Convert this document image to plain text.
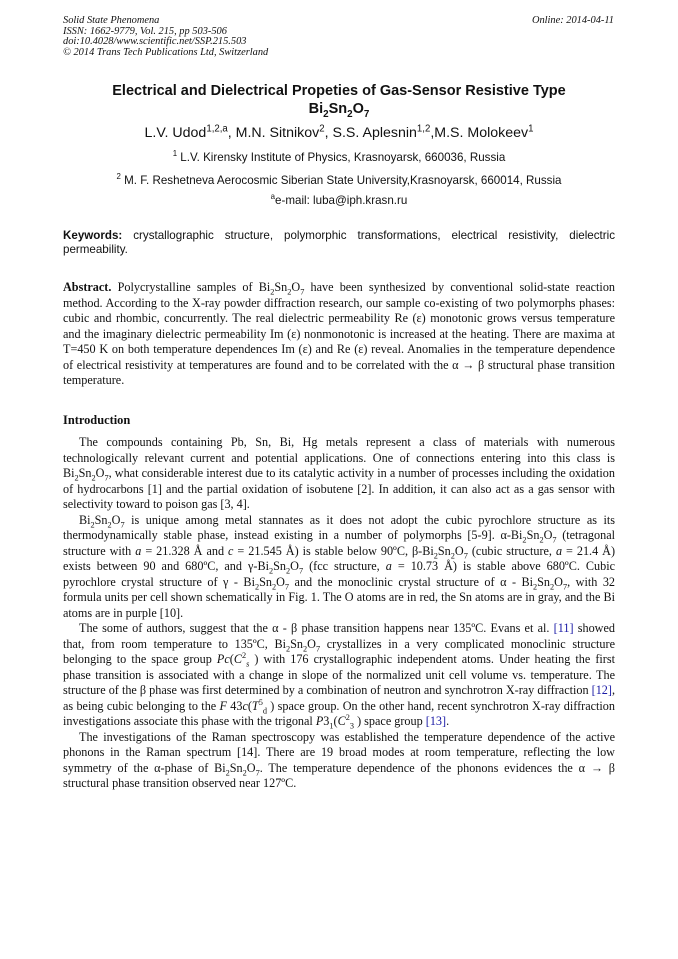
Solid State Phenomena
ISSN: 1662-9779, Vol. 215, pp 503-506
doi:10.4028/www.scientific.net/SSP.215.503
© 2014 Trans Tech Publications Ltd, Switzerland
Online: 2014-04-11
Electrical and Dielectrical Propeties of Gas-Sensor Resistive Type
$Bi_2Sn_2O_7$
L.V. Udod$^{1,2,a}$, M.N. Sitnikov$^2$, S.S. Aplesnin$^{1,2}$,M.S. Molokeev$^1$
$^1$ L.V. Kirensky Institute of Physics, Krasnoyarsk, 660036, Russia
$^2$ M. F. Reshetneva Aerocosmic Siberian State University,Krasnoyarsk, 660014, Russia
$^a$e-mail: luba@iph.krasn.ru
Keywords: crystallographic structure, polymorphic transformations, electrical resistivity, dielectric permeability.
Abstract. Polycrystalline samples of $Bi_2Sn_2O_7$ have been synthesized by conventional solid-state reaction method. According to the X-ray powder diffraction research, our sample co-existing of two polymorphs phases: cubic and rhombic, concurrently. The real dielectric permeability Re (ε) monotonic grows versus temperature and the imaginary dielectric permeability Im (ε) nonmonotonic is increased at the heating. There are maxima at T=450 K on both temperature dependences Im (ε) and Re (ε) reveal. Anomalies in the temperature dependence of electrical resistivity at temperatures are found and to be correlated with the α → β structural phase transition temperature.
Introduction

The compounds containing Pb, Sn, Bi, Hg metals represent a class of materials with numerous technologically relevant current and potential applications. One of connections entering into this class is $Bi_2Sn_2O_7$, what considerable interest due to its catalytic activity in a number of processes including the oxidation of hydrocarbons [1] and the partial oxidation of isobutene [2]. In addition, it can also act as a gas sensor with selectivity toward to poison gas [3, 4].

$Bi_2Sn_2O_7$ is unique among metal stannates as it does not adopt the cubic pyrochlore structure as its thermodynamically stable phase, instead existing in a number of polymorphs [5-9]. $\alpha-Bi_2Sn_2O_7$ (tetragonal structure with a = 21.328 Å and c = 21.545 Å) is stable below 90ºC, $\beta-Bi_2Sn_2O_7$ (cubic structure, a = 21.4 Å) exists between 90 and 680ºC, and $\gamma-Bi_2Sn_2O_7$ (fcc structure, a = 10.73 Å) is stable above 680ºC. Cubic pyrochlore crystal structure of γ - $Bi_2Sn_2O_7$ and the monoclinic crystal structure of α - $Bi_2Sn_2O_7$, with 32 formula units per cell shown schematically in Fig. 1. The O atoms are in red, the Sn atoms are in gray, and the Bi atoms are in purple [10].

The some of authors, suggest that the α - β phase transition happens near 135ºC. Evans et al. [11] showed that, from room temperature to 135ºC, $Bi_2Sn_2O_7$ crystallizes in a very complicated monoclinic structure belonging to the space group $Pc(C^2_s$ ) with 176 crystallographic independent atoms. Under heating the first phase transition is associated with a change in slope of the normalized unit cell volume vs. temperature. The structure of the β phase was first determined by a combination of neutron and synchrotron X-ray diffraction [12], as being cubic belonging to the F $43c(T^5_d$ ) space group. On the other hand, recent synchrotron X-ray diffraction investigations associate this phase with the trigonal $P3_1(C^2_3$ ) space group [13].

The investigations of the Raman spectroscopy was established the temperature dependence of the active phonons in the Raman spectrum [14]. There are 19 broad modes at room temperature, reflecting the low symmetry of the α-phase of $Bi_2Sn_2O_7$. The temperature dependence of the phonons evidences the α → β structural phase transition observed near 127ºC.
